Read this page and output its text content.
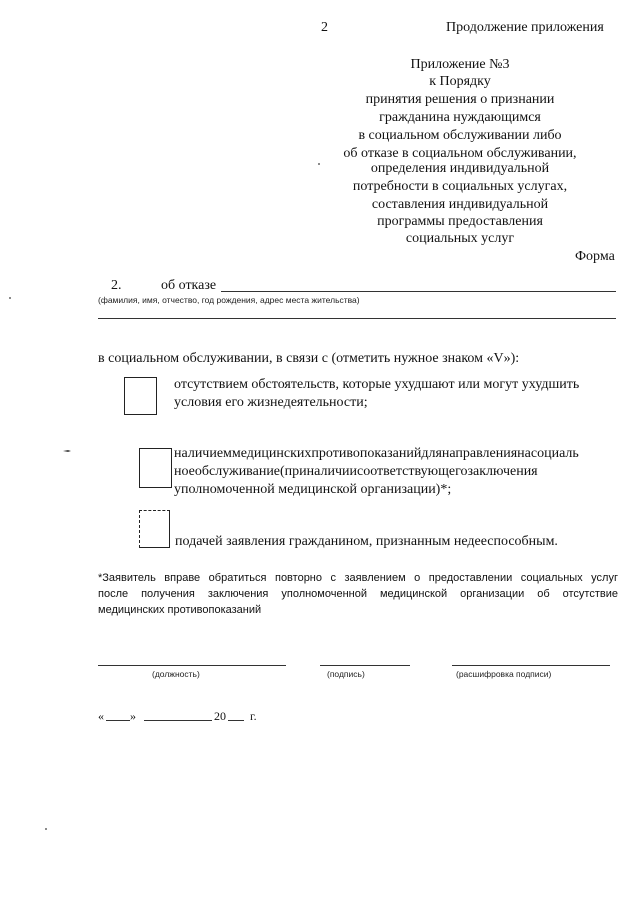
2	Продолжение приложения
Приложение №3
к Порядку
принятия решения о признании
гражданина нуждающимся
в социальном обслуживании либо
об отказе в социальном обслуживании,
определения индивидуальной
потребности в социальных услугах,
составления индивидуальной
программы предоставления
социальных услуг
Форма
2.	об отказе
(фамилия, имя, отчество, год рождения, адрес места жительства)
в социальном обслуживании, в связи с (отметить нужное знаком «V»):
отсутствием обстоятельств, которые ухудшают или могут ухудшить
условия его жизнедеятельности;
наличиеммедицинскихпротивопоказанийдлянаправлениянасоциаль
ноеобслуживание(приналичиисоответствующегозаключения
уполномоченной медицинской организации)*;
подачей заявления гражданином, признанным недееспособным.
*Заявитель вправе обратиться повторно с заявлением о предоставлении социальных услуг
после получения заключения уполномоченной медицинской организации об отсутствие
медицинских противопоказаний
(должность)	(подпись)	(расшифровка подписи)
« »	20 г.
